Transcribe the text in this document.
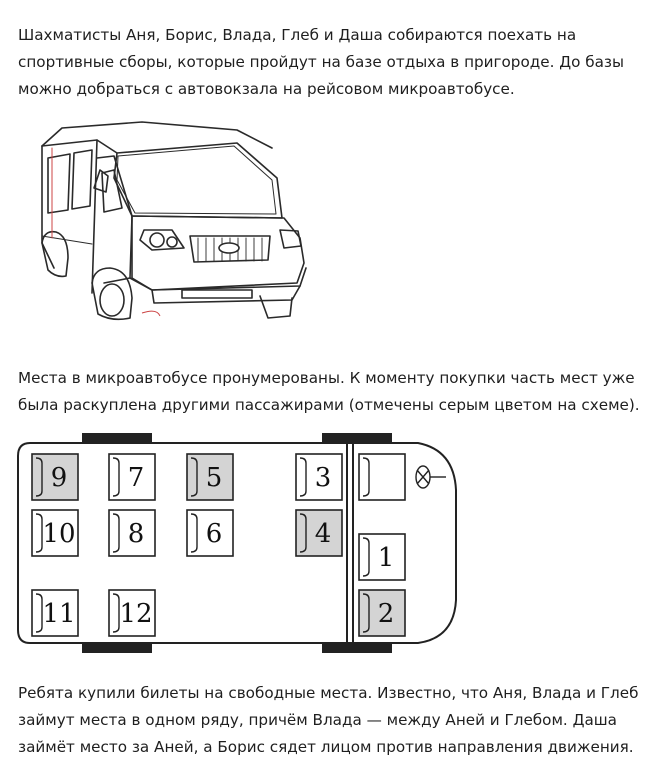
Шахматисты Аня, Борис, Влада, Глеб и Даша собираются поехать на спортивные сборы, которые пройдут на базе отдыха в пригороде. До базы можно добраться с автовокзала на рейсовом микроавтобусе.

Места в микроавтобусе пронумерованы. К моменту покупки часть мест уже была раскуплена другими пассажирами (отмечены серым цветом на схеме).

9 7 5	3
10 8 6	4
11 12
1
2

Ребята купили билеты на свободные места. Известно, что Аня, Влада и Глеб займут места в одном ряду, причём Влада — между Аней и Глебом. Даша займёт место за Аней, а Борис сядет лицом против направления движения.
